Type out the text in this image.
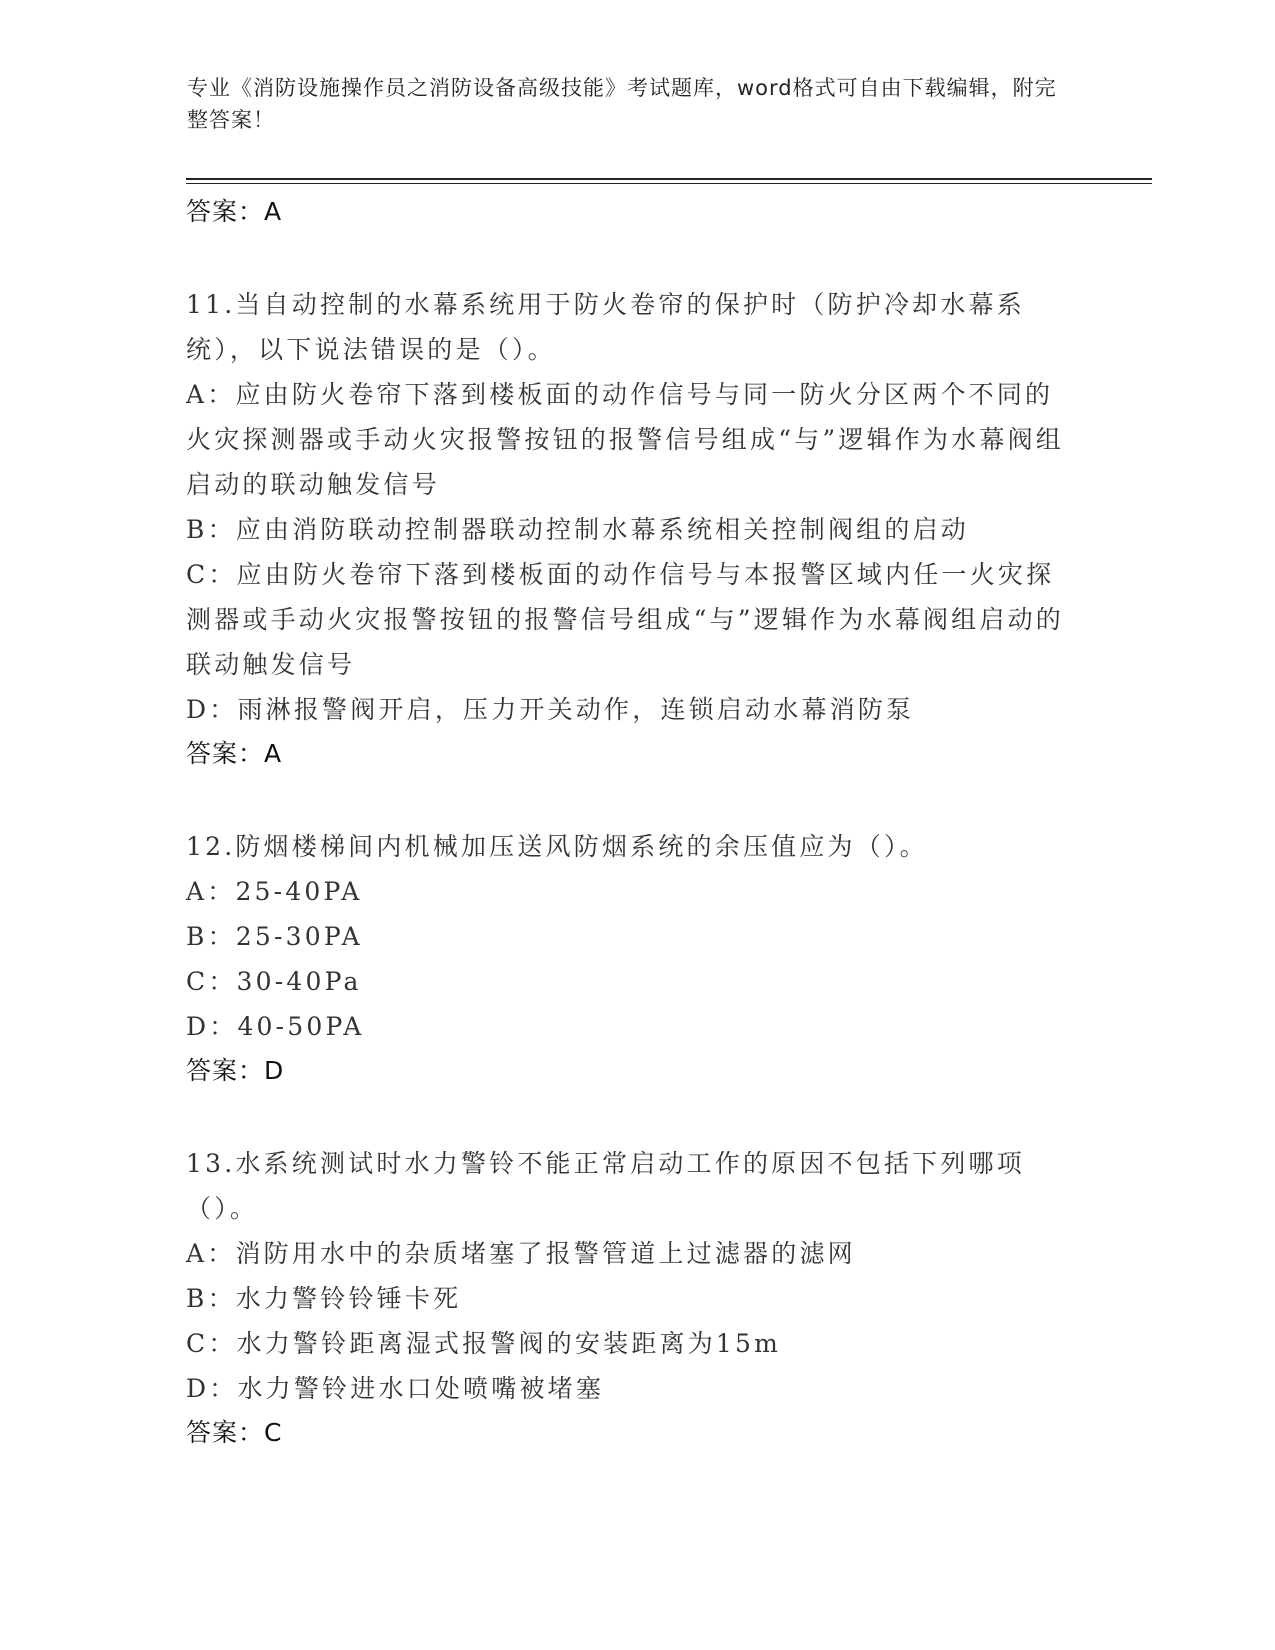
专业《消防设施操作员之消防设备高级技能》考试题库，word格式可自由下载编辑，附完整答案！
答案：A
11.当自动控制的水幕系统用于防火卷帘的保护时（防护冷却水幕系统），以下说法错误的是（）。
A：应由防火卷帘下落到楼板面的动作信号与同一防火分区两个不同的火灾探测器或手动火灾报警按钮的报警信号组成“与”逻辑作为水幕阀组启动的联动触发信号
B：应由消防联动控制器联动控制水幕系统相关控制阀组的启动
C：应由防火卷帘下落到楼板面的动作信号与本报警区域内任一火灾探测器或手动火灾报警按钮的报警信号组成“与”逻辑作为水幕阀组启动的联动触发信号
D：雨淋报警阀开启，压力开关动作，连锁启动水幕消防泵
答案：A
12.防烟楼梯间内机械加压送风防烟系统的余压值应为（）。
A：25-40PA
B：25-30PA
C：30-40Pa
D：40-50PA
答案：D
13.水系统测试时水力警铃不能正常启动工作的原因不包括下列哪项（）。
A：消防用水中的杂质堵塞了报警管道上过滤器的滤网
B：水力警铃铃锤卡死
C：水力警铃距离湿式报警阀的安装距离为15m
D：水力警铃进水口处喷嘴被堵塞
答案：C
